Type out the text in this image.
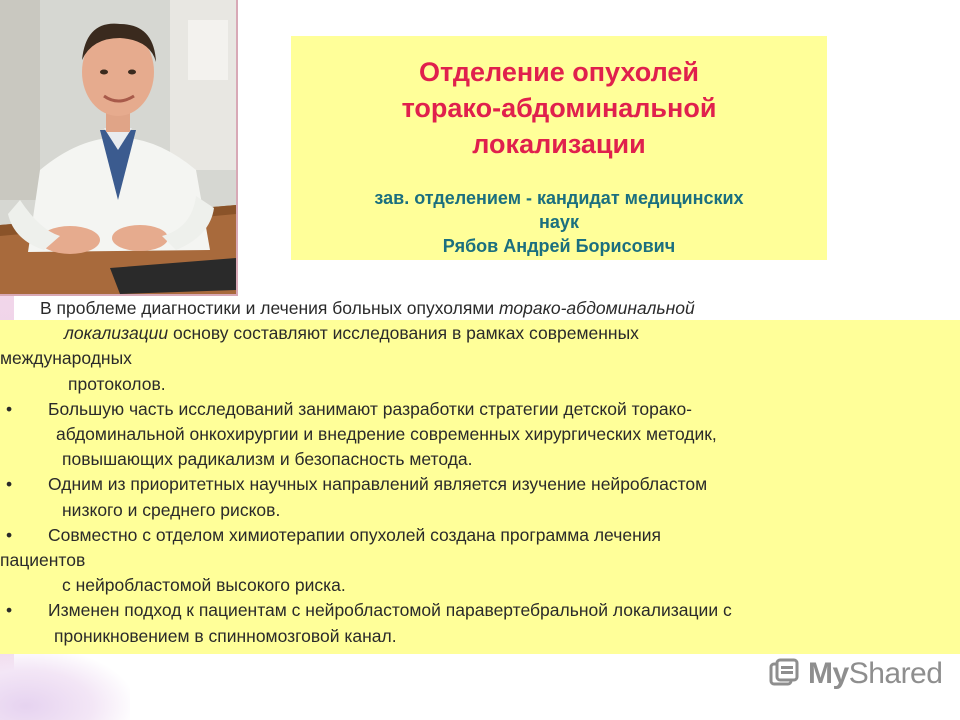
Отделение опухолей
торако-абдоминальной
локализации

зав. отделением - кандидат медицинских
наук
Рябов Андрей Борисович

В проблеме диагностики и лечения больных опухолями торако-абдоминальной
локализации основу составляют исследования в рамках современных
международных
протоколов.
• Большую часть исследований занимают разработки стратегии детской торако-
абдоминальной онкохирургии и внедрение современных хирургических методик,
повышающих радикализм и безопасность метода.
• Одним из приоритетных научных направлений является изучение нейробластом
низкого и среднего рисков.
• Совместно с отделом химиотерапии опухолей создана программа лечения
пациентов
с нейробластомой высокого риска.
• Изменен подход к пациентам с нейробластомой паравертебральной локализации с
проникновением в спинномозговой канал.
MyShared
